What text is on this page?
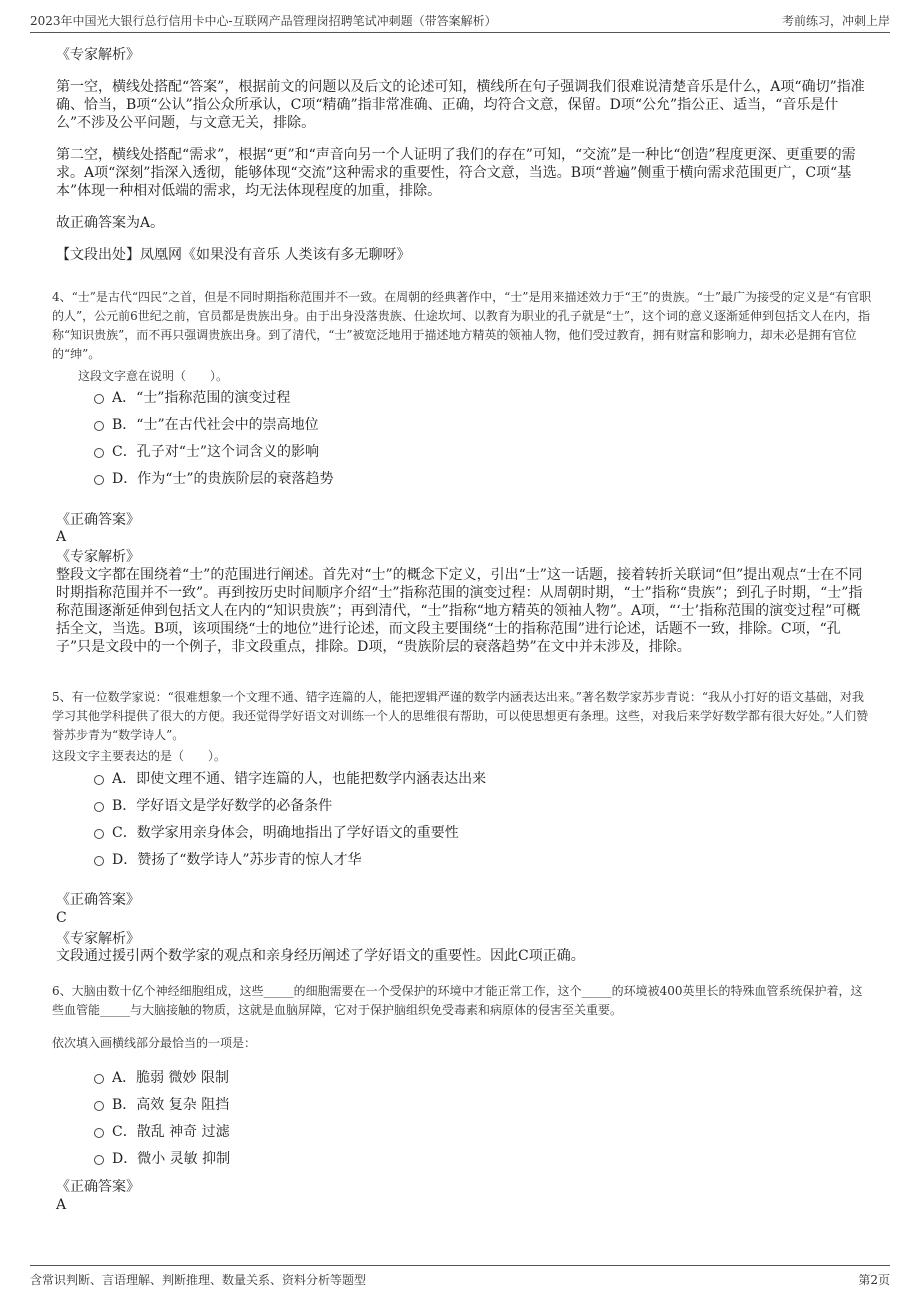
2023年中国光大银行总行信用卡中心-互联网产品管理岗招聘笔试冲刺题（带答案解析）	考前练习，冲刺上岸
《专家解析》
第一空，横线处搭配“答案”，根据前文的问题以及后文的论述可知，横线所在句子强调我们很难说清楚音乐是什么，A项“确切”指准确、恰当，B项“公认”指公众所承认，C项“精确”指非常准确、正确，均符合文意，保留。D项“公允”指公正、适当，“音乐是什么”不涉及公平问题，与文意无关，排除。
第二空，横线处搭配“需求”，根据“更”和“声音向另一个人证明了我们的存在”可知，“交流”是一种比“创造”程度更深、更重要的需求。A项“深刻”指深入透彻，能够体现“交流”这种需求的重要性，符合文意，当选。B项“普遍”侧重于横向需求范围更广，C项“基本”体现一种相对低端的需求，均无法体现程度的加重，排除。
故正确答案为A。
【文段出处】凤凰网《如果没有音乐 人类该有多无聊呀》
4、“士”是古代“四民”之首，但是不同时期指称范围并不一致。在周朝的经典著作中，“士”是用来描述效力于“王”的贵族。“士”最广为接受的定义是“有官职的人”，公元前6世纪之前，官员都是贵族出身。由于出身没落贵族、仕途坎坷、以教育为职业的孔子就是“士”，这个词的意义逐渐延伸到包括文人在内，指称“知识贵族”，而不再只强调贵族出身。到了清代，“士”被宽泛地用于描述地方精英的领袖人物，他们受过教育，拥有财富和影响力，却未必是拥有官位的“绅”。
这段文字意在说明（　　）。
A．“士”指称范围的演变过程
B．“士”在古代社会中的崇高地位
C．孔子对“士”这个词含义的影响
D．作为“士”的贵族阶层的衰落趋势
《正确答案》
A
《专家解析》
整段文字都在围绕着“士”的范围进行阐述。首先对“士”的概念下定义，引出“士”这一话题，接着转折关联词“但”提出观点“士在不同时期指称范围并不一致”。再到按历史时间顺序介绍“士”指称范围的演变过程：从周朝时期，“士”指称“贵族”；到孔子时期，“士”指称范围逐渐延伸到包括文人在内的“知识贵族”；再到清代，“士”指称“地方精英的领袖人物”。A项，“‘士’指称范围的演变过程”可概括全文，当选。B项，该项围绕“士的地位”进行论述，而文段主要围绕“士的指称范围”进行论述，话题不一致，排除。C项，“孔子”只是文段中的一个例子，非文段重点，排除。D项，“贵族阶层的衰落趋势”在文中并未涉及，排除。
5、有一位数学家说：“很难想象一个文理不通、错字连篇的人，能把逻辑严谨的数学内涵表达出来。”著名数学家苏步青说：“我从小打好的语文基础，对我学习其他学科提供了很大的方便。我还觉得学好语文对训练一个人的思维很有帮助，可以使思想更有条理。这些，对我后来学好数学都有很大好处。”人们赞誉苏步青为“数学诗人”。
这段文字主要表达的是（　　）。
A．即使文理不通、错字连篇的人，也能把数学内涵表达出来
B．学好语文是学好数学的必备条件
C．数学家用亲身体会，明确地指出了学好语文的重要性
D．赞扬了“数学诗人”苏步青的惊人才华
《正确答案》
C
《专家解析》
文段通过援引两个数学家的观点和亲身经历阐述了学好语文的重要性。因此C项正确。
6、大脑由数十亿个神经细胞组成，这些_____的细胞需要在一个受保护的环境中才能正常工作，这个_____的环境被400英里长的特殊血管系统保护着，这些血管能_____与大脑接触的物质，这就是血脑屏障，它对于保护脑组织免受毒素和病原体的侵害至关重要。
依次填入画横线部分最恰当的一项是：
A．脆弱 微妙 限制
B．高效 复杂 阻挡
C．散乱 神奇 过滤
D．微小 灵敏 抑制
《正确答案》
A
含常识判断、言语理解、判断推理、数量关系、资料分析等题型	第2页
